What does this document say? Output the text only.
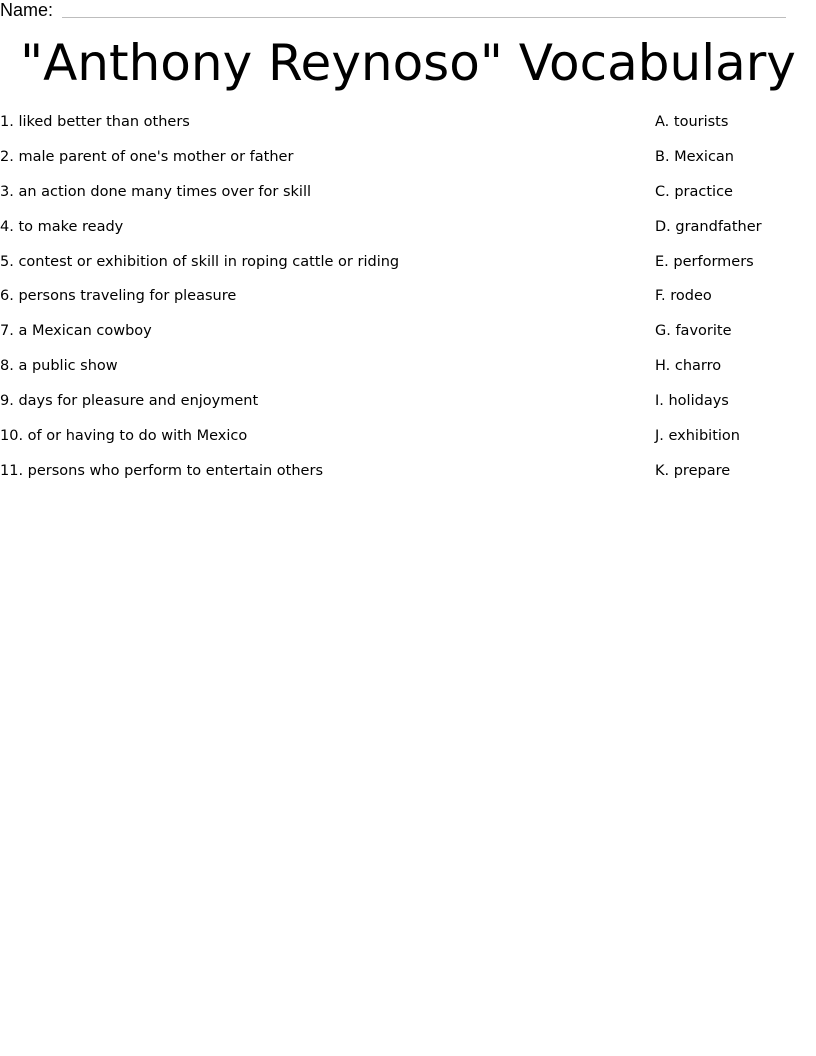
Name:
"Anthony Reynoso" Vocabulary
1. liked better than others
2. male parent of one's mother or father
3. an action done many times over for skill
4. to make ready
5. contest or exhibition of skill in roping cattle or riding
6. persons traveling for pleasure
7. a Mexican cowboy
8. a public show
9. days for pleasure and enjoyment
10. of or having to do with Mexico
11. persons who perform to entertain others
A. tourists
B. Mexican
C. practice
D. grandfather
E. performers
F. rodeo
G. favorite
H. charro
I. holidays
J. exhibition
K. prepare
